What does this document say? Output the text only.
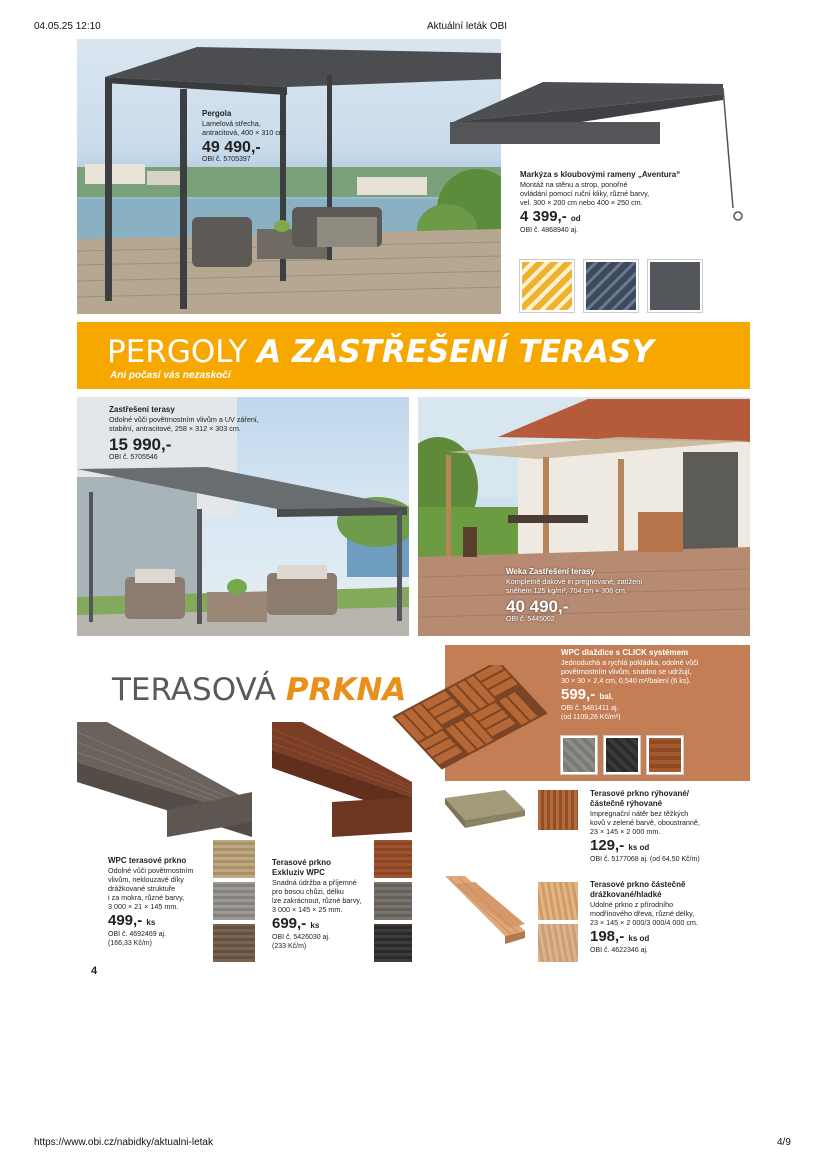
04.05.25 12:10	Aktuální leták OBI
Pergola
Lamelová střecha,
antracitová, 400 × 310 cm.
49 490,-
OBI č. 5705397
Markýza s kloubovými rameny „Aventura“
Montáž na stěnu a strop, ponořné
ovládání pomocí ruční kliky, různé barvy,
vel. 300 × 200 cm nebo 400 × 250 cm.
4 399,- od
OBI č. 4868940 aj.
PERGOLY A ZASTŘEŠENÍ TERASY
Ani počasí vás nezaskočí
Zastřešení terasy
Odolné vůči povětrnostním vlivům a UV záření,
stabilní, antracitové, 258 × 312 × 303 cm.
15 990,-
OBI č. 5705546
Weka Zastřešení terasy
Kompletně dakové in pregnované, zatížení
sněhem 125 kg/m², 704 cm × 306 cm.
40 490,-
OBI č. 5445002
TERASOVÁ PRKNA
WPC dlaždice s CLICK systémem
Jednoduchá a rychlá pokládka, odolné vůči
povětrnostním vlivům, snadno se udržují,
30 × 30 × 2,4 cm, 0,540 m²/balení (6 ks).
599,- bal.
OBI č. 5481411 aj.
(od 1109,26 Kč/m²)
WPC terasové prkno
Odolné vůči povětrnostním
vlivům, neklouzavé díky
drážkované struktuře
i za mokra, různé barvy,
3 000 × 21 × 145 mm.
499,- ks
OBI č. 4692469 aj.
(166,33 Kč/m)
Terasové prkno
Exkluziv WPC
Snadná údržba a příjemné
pro bosou chůzi, délku
lze zakrácnout, různé barvy,
3 000 × 145 × 25 mm.
699,- ks
OBI č. 5426030 aj.
(233 Kč/m)
Terasové prkno rýhované/
částečně rýhované
Impregnační nátěr bez těžkých
kovů v zelené barvě, oboustranně,
23 × 145 × 2 000 mm.
129,- ks od
OBI č. 5177068 aj. (od 64,50 Kč/m)
Terasové prkno částečně
drážkované/hladké
Udolné prkno z přírodního
modřínového dřeva, různé délky,
23 × 145 × 2 000/3 000/4 000 cm.
198,- ks od
OBI č. 4622346 aj.
4
https://www.obi.cz/nabidky/aktualni-letak	4/9
